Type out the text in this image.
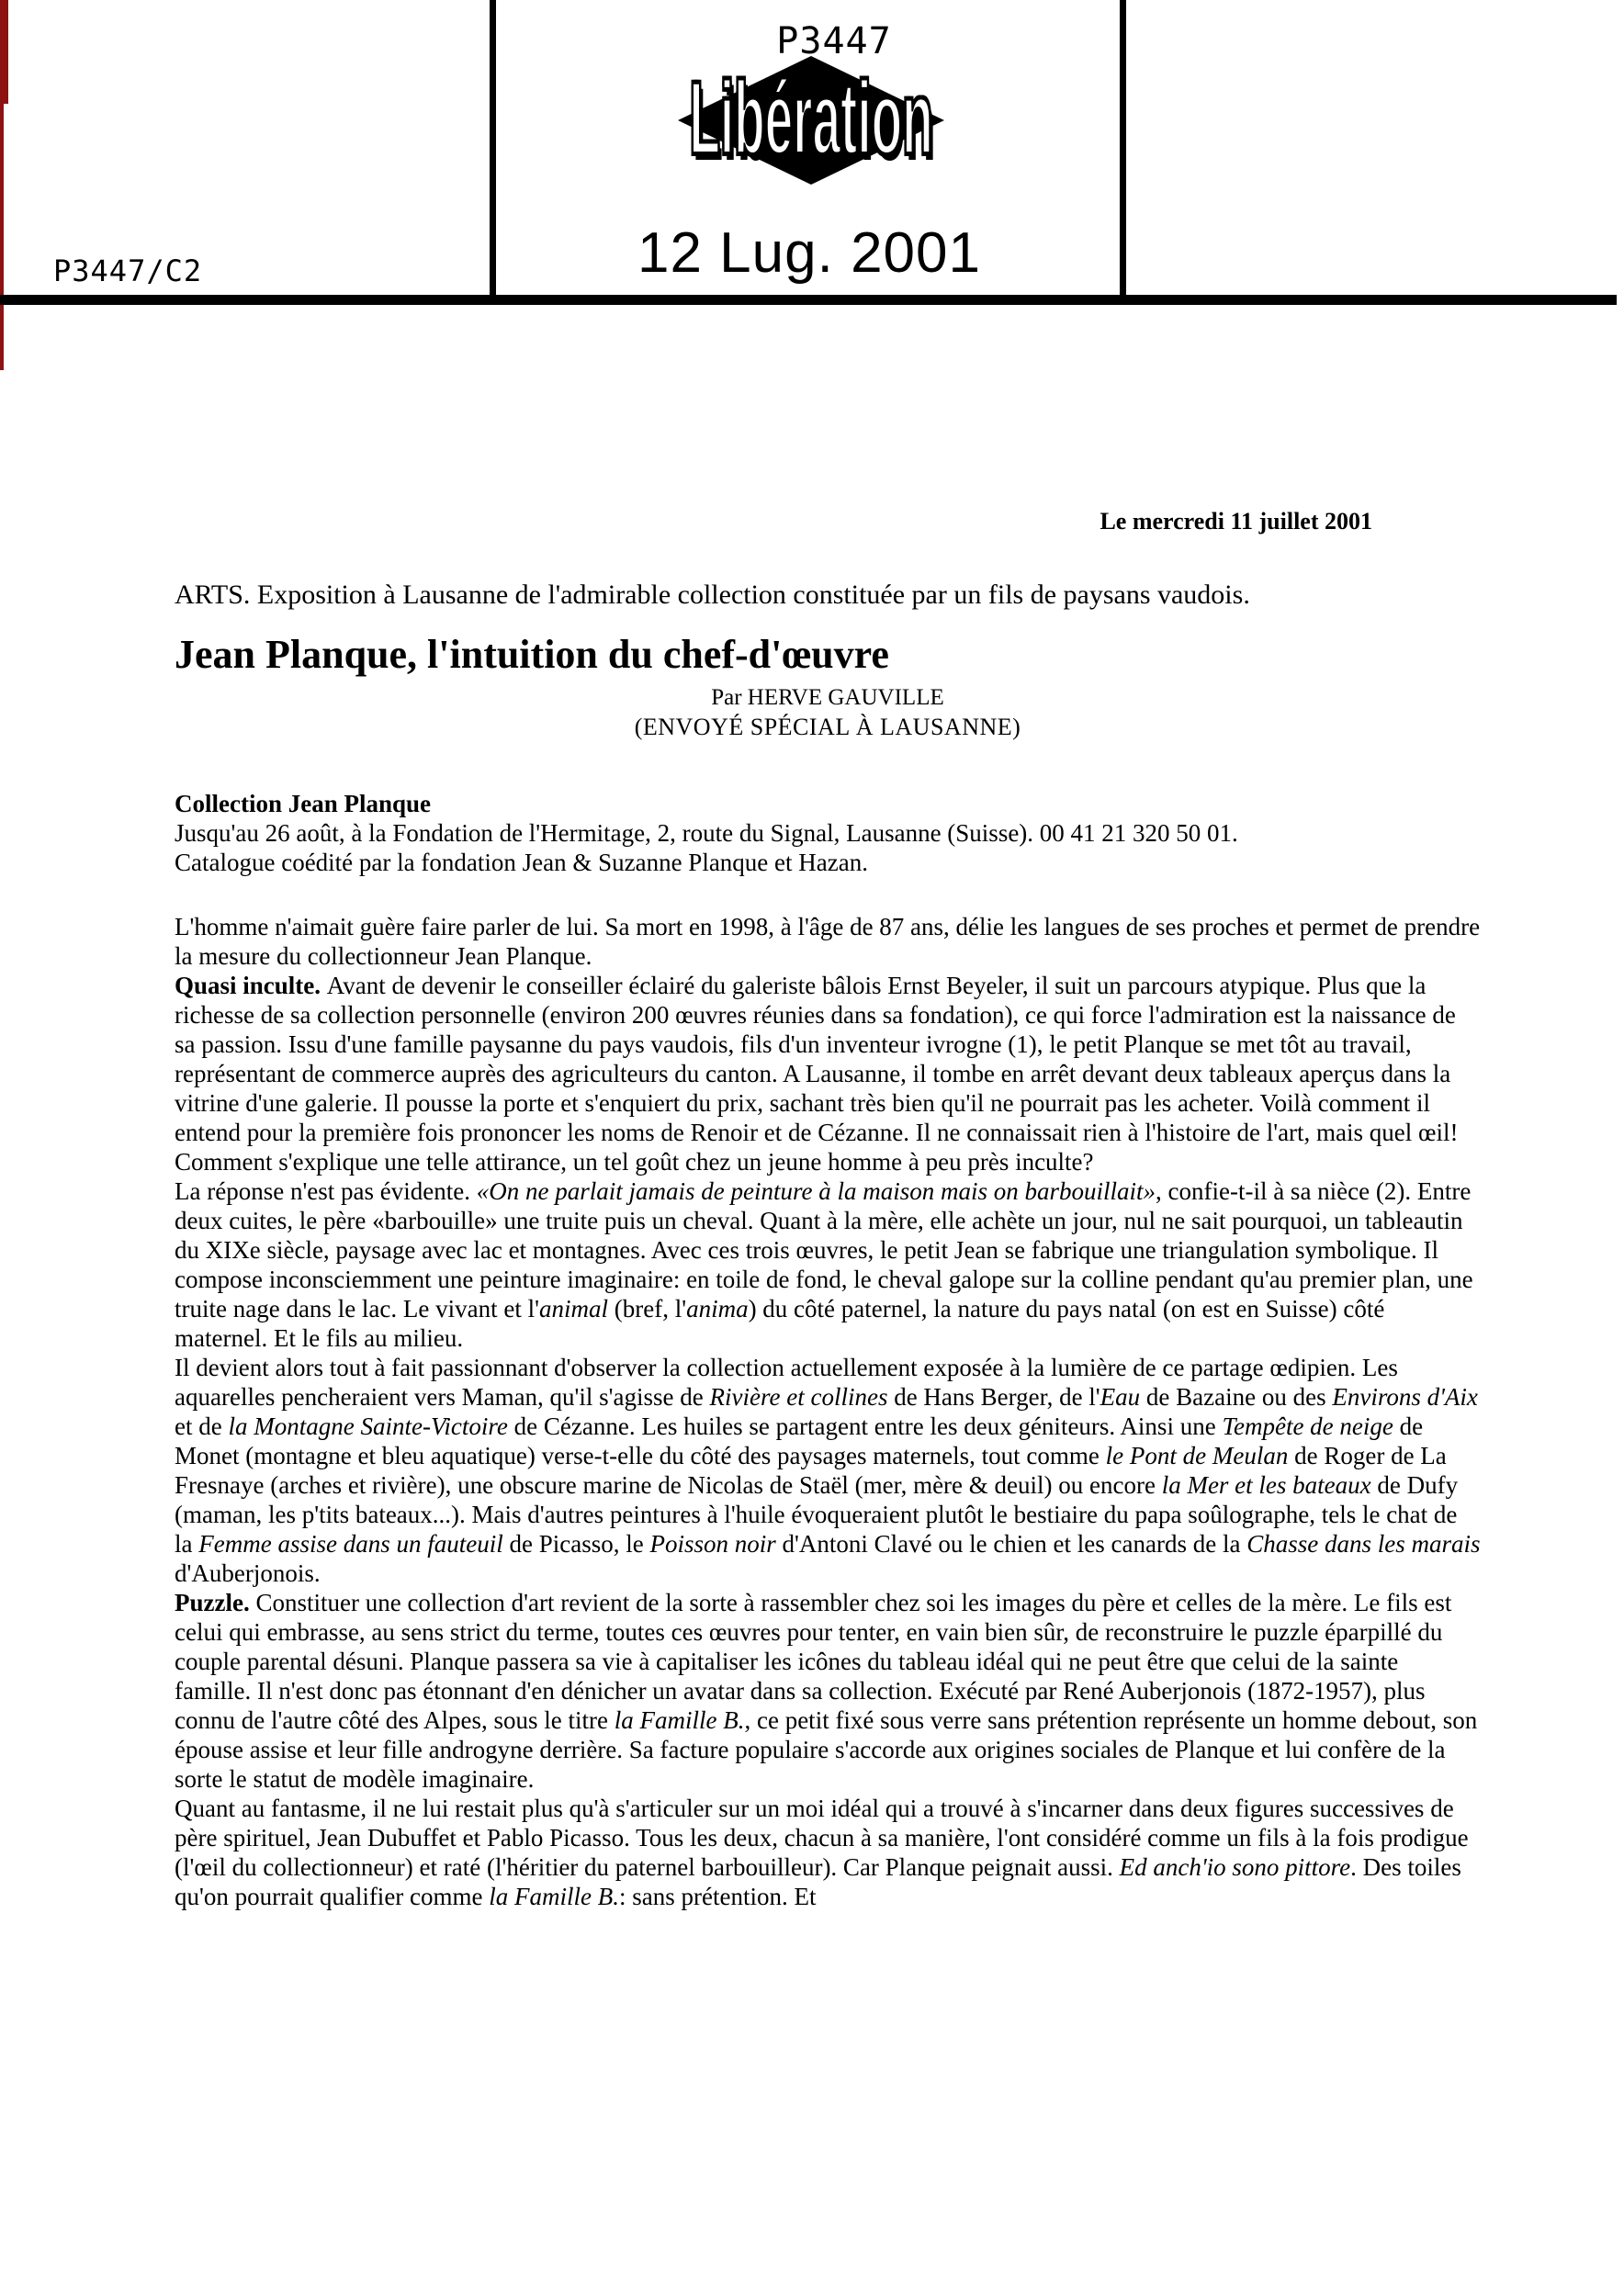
P3447/C2
P3447
Libération
12 Lug. 2001
Le mercredi 11 juillet 2001
ARTS. Exposition à Lausanne de l'admirable collection constituée par un fils de paysans vaudois.
Jean Planque, l'intuition du chef-d'œuvre
Par HERVE GAUVILLE
(ENVOYÉ SPÉCIAL À LAUSANNE)
Collection Jean Planque
Jusqu'au 26 août, à la Fondation de l'Hermitage, 2, route du Signal, Lausanne (Suisse). 00 41 21 320 50 01.
Catalogue coédité par la fondation Jean & Suzanne Planque et Hazan.

L'homme n'aimait guère faire parler de lui. Sa mort en 1998, à l'âge de 87 ans, délie les langues de ses proches et permet de prendre la mesure du collectionneur Jean Planque.

Quasi inculte. Avant de devenir le conseiller éclairé du galeriste bâlois Ernst Beyeler, il suit un parcours atypique. Plus que la richesse de sa collection personnelle (environ 200 œuvres réunies dans sa fondation), ce qui force l'admiration est la naissance de sa passion. Issu d'une famille paysanne du pays vaudois, fils d'un inventeur ivrogne (1), le petit Planque se met tôt au travail, représentant de commerce auprès des agriculteurs du canton. A Lausanne, il tombe en arrêt devant deux tableaux aperçus dans la vitrine d'une galerie. Il pousse la porte et s'enquiert du prix, sachant très bien qu'il ne pourrait pas les acheter. Voilà comment il entend pour la première fois prononcer les noms de Renoir et de Cézanne. Il ne connaissait rien à l'histoire de l'art, mais quel œil! Comment s'explique une telle attirance, un tel goût chez un jeune homme à peu près inculte?

La réponse n'est pas évidente. «On ne parlait jamais de peinture à la maison mais on barbouillait», confie-t-il à sa nièce (2). Entre deux cuites, le père «barbouille» une truite puis un cheval. Quant à la mère, elle achète un jour, nul ne sait pourquoi, un tableautin du XIXe siècle, paysage avec lac et montagnes. Avec ces trois œuvres, le petit Jean se fabrique une triangulation symbolique. Il compose inconsciemment une peinture imaginaire: en toile de fond, le cheval galope sur la colline pendant qu'au premier plan, une truite nage dans le lac. Le vivant et l'animal (bref, l'anima) du côté paternel, la nature du pays natal (on est en Suisse) côté maternel. Et le fils au milieu.

Il devient alors tout à fait passionnant d'observer la collection actuellement exposée à la lumière de ce partage œdipien. Les aquarelles pencheraient vers Maman, qu'il s'agisse de Rivière et collines de Hans Berger, de l'Eau de Bazaine ou des Environs d'Aix et de la Montagne Sainte-Victoire de Cézanne. Les huiles se partagent entre les deux géniteurs. Ainsi une Tempête de neige de Monet (montagne et bleu aquatique) verse-t-elle du côté des paysages maternels, tout comme le Pont de Meulan de Roger de La Fresnaye (arches et rivière), une obscure marine de Nicolas de Staël (mer, mère & deuil) ou encore la Mer et les bateaux de Dufy (maman, les p'tits bateaux...). Mais d'autres peintures à l'huile évoqueraient plutôt le bestiaire du papa soûlographe, tels le chat de la Femme assise dans un fauteuil de Picasso, le Poisson noir d'Antoni Clavé ou le chien et les canards de la Chasse dans les marais d'Auberjonois.

Puzzle. Constituer une collection d'art revient de la sorte à rassembler chez soi les images du père et celles de la mère. Le fils est celui qui embrasse, au sens strict du terme, toutes ces œuvres pour tenter, en vain bien sûr, de reconstruire le puzzle éparpillé du couple parental désuni. Planque passera sa vie à capitaliser les icônes du tableau idéal qui ne peut être que celui de la sainte famille. Il n'est donc pas étonnant d'en dénicher un avatar dans sa collection. Exécuté par René Auberjonois (1872-1957), plus connu de l'autre côté des Alpes, sous le titre la Famille B., ce petit fixé sous verre sans prétention représente un homme debout, son épouse assise et leur fille androgyne derrière. Sa facture populaire s'accorde aux origines sociales de Planque et lui confère de la sorte le statut de modèle imaginaire.

Quant au fantasme, il ne lui restait plus qu'à s'articuler sur un moi idéal qui a trouvé à s'incarner dans deux figures successives de père spirituel, Jean Dubuffet et Pablo Picasso. Tous les deux, chacun à sa manière, l'ont considéré comme un fils à la fois prodigue (l'œil du collectionneur) et raté (l'héritier du paternel barbouilleur). Car Planque peignait aussi. Ed anch'io sono pittore. Des toiles qu'on pourrait qualifier comme la Famille B.: sans prétention. Et
